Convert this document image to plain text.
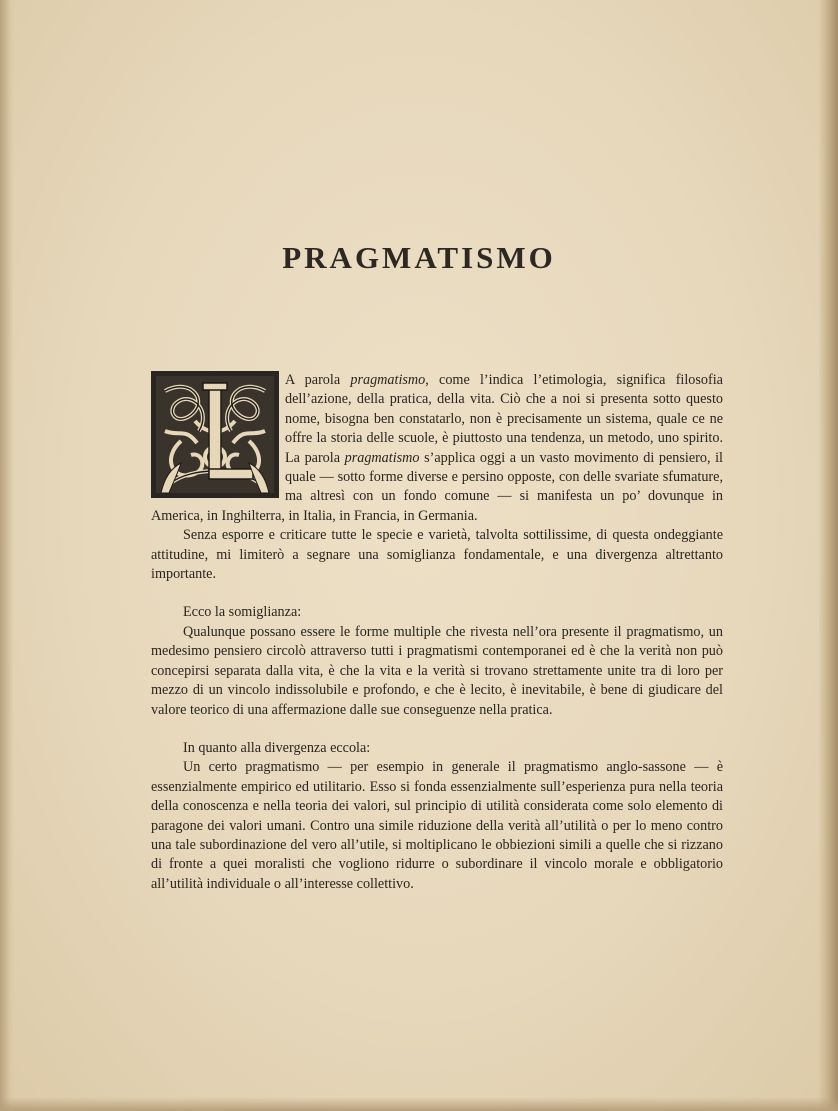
PRAGMATISMO

A parola pragmatismo, come l’indica l’etimologia, significa filosofia dell’azione, della pratica, della vita. Ciò che a noi si presenta sotto questo nome, bisogna ben constatarlo, non è precisamente un sistema, quale ce ne offre la storia delle scuole, è piuttosto una tendenza, un metodo, uno spirito. La parola pragmatismo s’applica oggi a un vasto movimento di pensiero, il quale — sotto forme diverse e persino opposte, con delle svariate sfumature, ma altresì con un fondo comune — si manifesta un po’ dovunque in America, in Inghilterra, in Italia, in Francia, in Germania.

Senza esporre e criticare tutte le specie e varietà, talvolta sottilissime, di questa ondeggiante attitudine, mi limiterò a segnare una somiglianza fondamentale, e una divergenza altrettanto importante.

Ecco la somiglianza:

Qualunque possano essere le forme multiple che rivesta nell’ora presente il pragmatismo, un medesimo pensiero circolò attraverso tutti i pragmatismi contemporanei ed è che la verità non può concepirsi separata dalla vita, è che la vita e la verità si trovano strettamente unite tra di loro per mezzo di un vincolo indissolubile e profondo, e che è lecito, è inevitabile, è bene di giudicare del valore teorico di una affermazione dalle sue conseguenze nella pratica.

In quanto alla divergenza eccola:

Un certo pragmatismo — per esempio in generale il pragmatismo anglo-sassone — è essenzialmente empirico ed utilitario. Esso si fonda essenzialmente sull’esperienza pura nella teoria della conoscenza e nella teoria dei valori, sul principio di utilità considerata come solo elemento di paragone dei valori umani. Contro una simile riduzione della verità all’utilità o per lo meno contro una tale subordinazione del vero all’utile, si moltiplicano le obbiezioni simili a quelle che si rizzano di fronte a quei moralisti che vogliono ridurre o subordinare il vincolo morale e obbligatorio all’utilità individuale o all’interesse collettivo.
